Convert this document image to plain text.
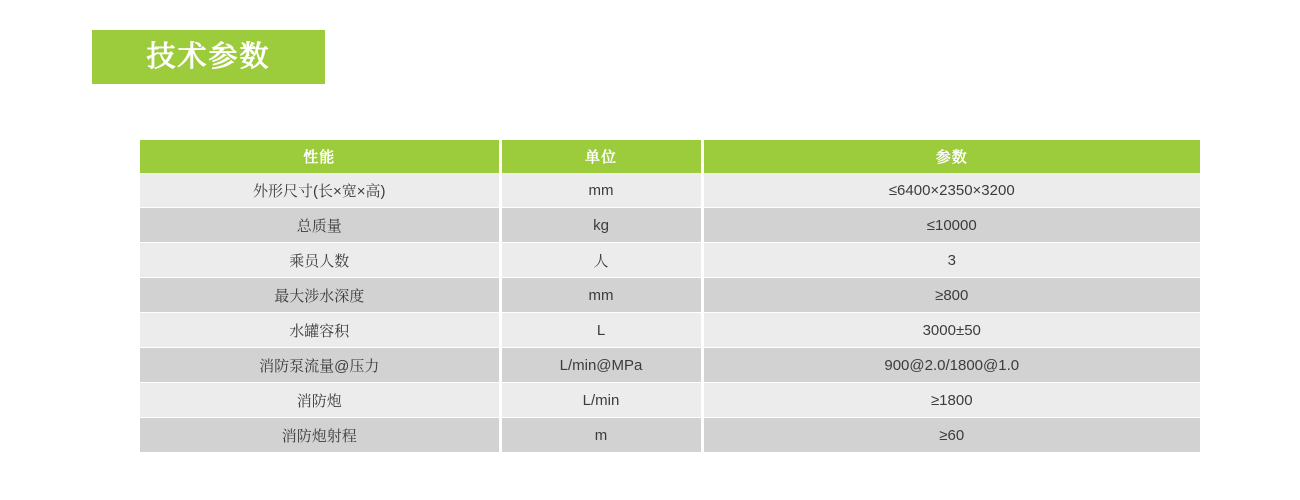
技术参数
性能	单位	参数
外形尺寸(长×宽×高)	mm	≤6400×2350×3200
总质量	kg	≤10000
乘员人数	人	3
最大涉水深度	mm	≥800
水罐容积	L	3000±50
消防泵流量@压力	L/min@MPa	900@2.0/1800@1.0
消防炮	L/min	≥1800
消防炮射程	m	≥60
